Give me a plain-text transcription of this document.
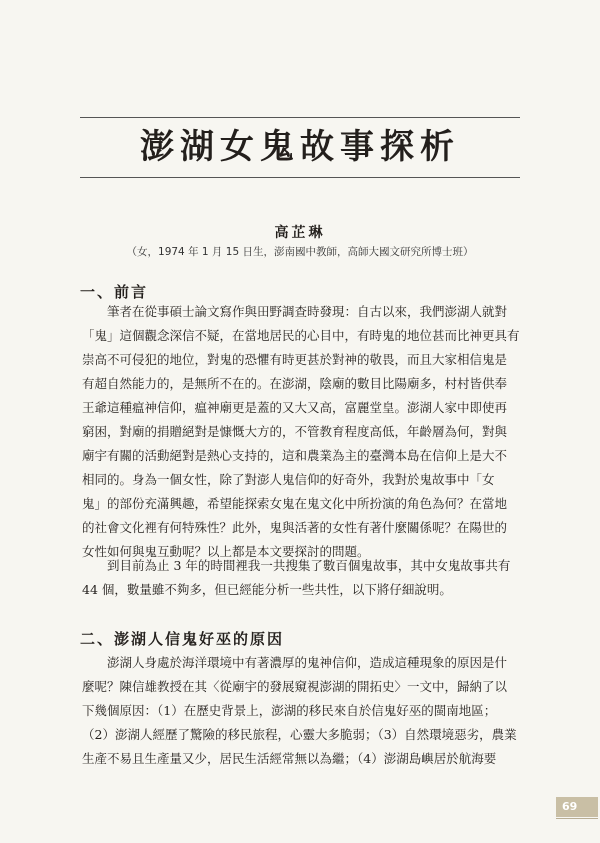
澎湖女鬼故事探析
高芷琳
（女，1974 年 1 月 15 日生，澎南國中教師，高師大國文研究所博士班）
一、前言
　　筆者在從事碩士論文寫作與田野調查時發現：自古以來，我們澎湖人就對
「鬼」這個觀念深信不疑，在當地居民的心目中，有時鬼的地位甚而比神更具有
崇高不可侵犯的地位，對鬼的恐懼有時更甚於對神的敬畏，而且大家相信鬼是
有超自然能力的，是無所不在的。在澎湖，陰廟的數目比陽廟多，村村皆供奉
王爺這種瘟神信仰，瘟神廟更是蓋的又大又高，富麗堂皇。澎湖人家中即使再
窮困，對廟的捐贈絕對是慷慨大方的，不管教育程度高低，年齡層為何，對與
廟宇有關的活動絕對是熱心支持的，這和農業為主的臺灣本島在信仰上是大不
相同的。身為一個女性，除了對澎人鬼信仰的好奇外，我對於鬼故事中「女
鬼」的部份充滿興趣，希望能探索女鬼在鬼文化中所扮演的角色為何？在當地
的社會文化裡有何特殊性？此外，鬼與活著的女性有著什麼關係呢？在陽世的
女性如何與鬼互動呢？以上都是本文要探討的問題。
　　到目前為止 3 年的時間裡我一共搜集了數百個鬼故事，其中女鬼故事共有
44 個，數量雖不夠多，但已經能分析一些共性，以下將仔細說明。
二、澎湖人信鬼好巫的原因
　　澎湖人身處於海洋環境中有著濃厚的鬼神信仰，造成這種現象的原因是什
麼呢？陳信雄教授在其〈從廟宇的發展窺視澎湖的開拓史〉一文中，歸納了以
下幾個原因：（1）在歷史背景上，澎湖的移民來自於信鬼好巫的閩南地區；
（2）澎湖人經歷了驚險的移民旅程，心靈大多脆弱；（3）自然環境惡劣，農業
生產不易且生產量又少，居民生活經常無以為繼；（4）澎湖島嶼居於航海要
69
